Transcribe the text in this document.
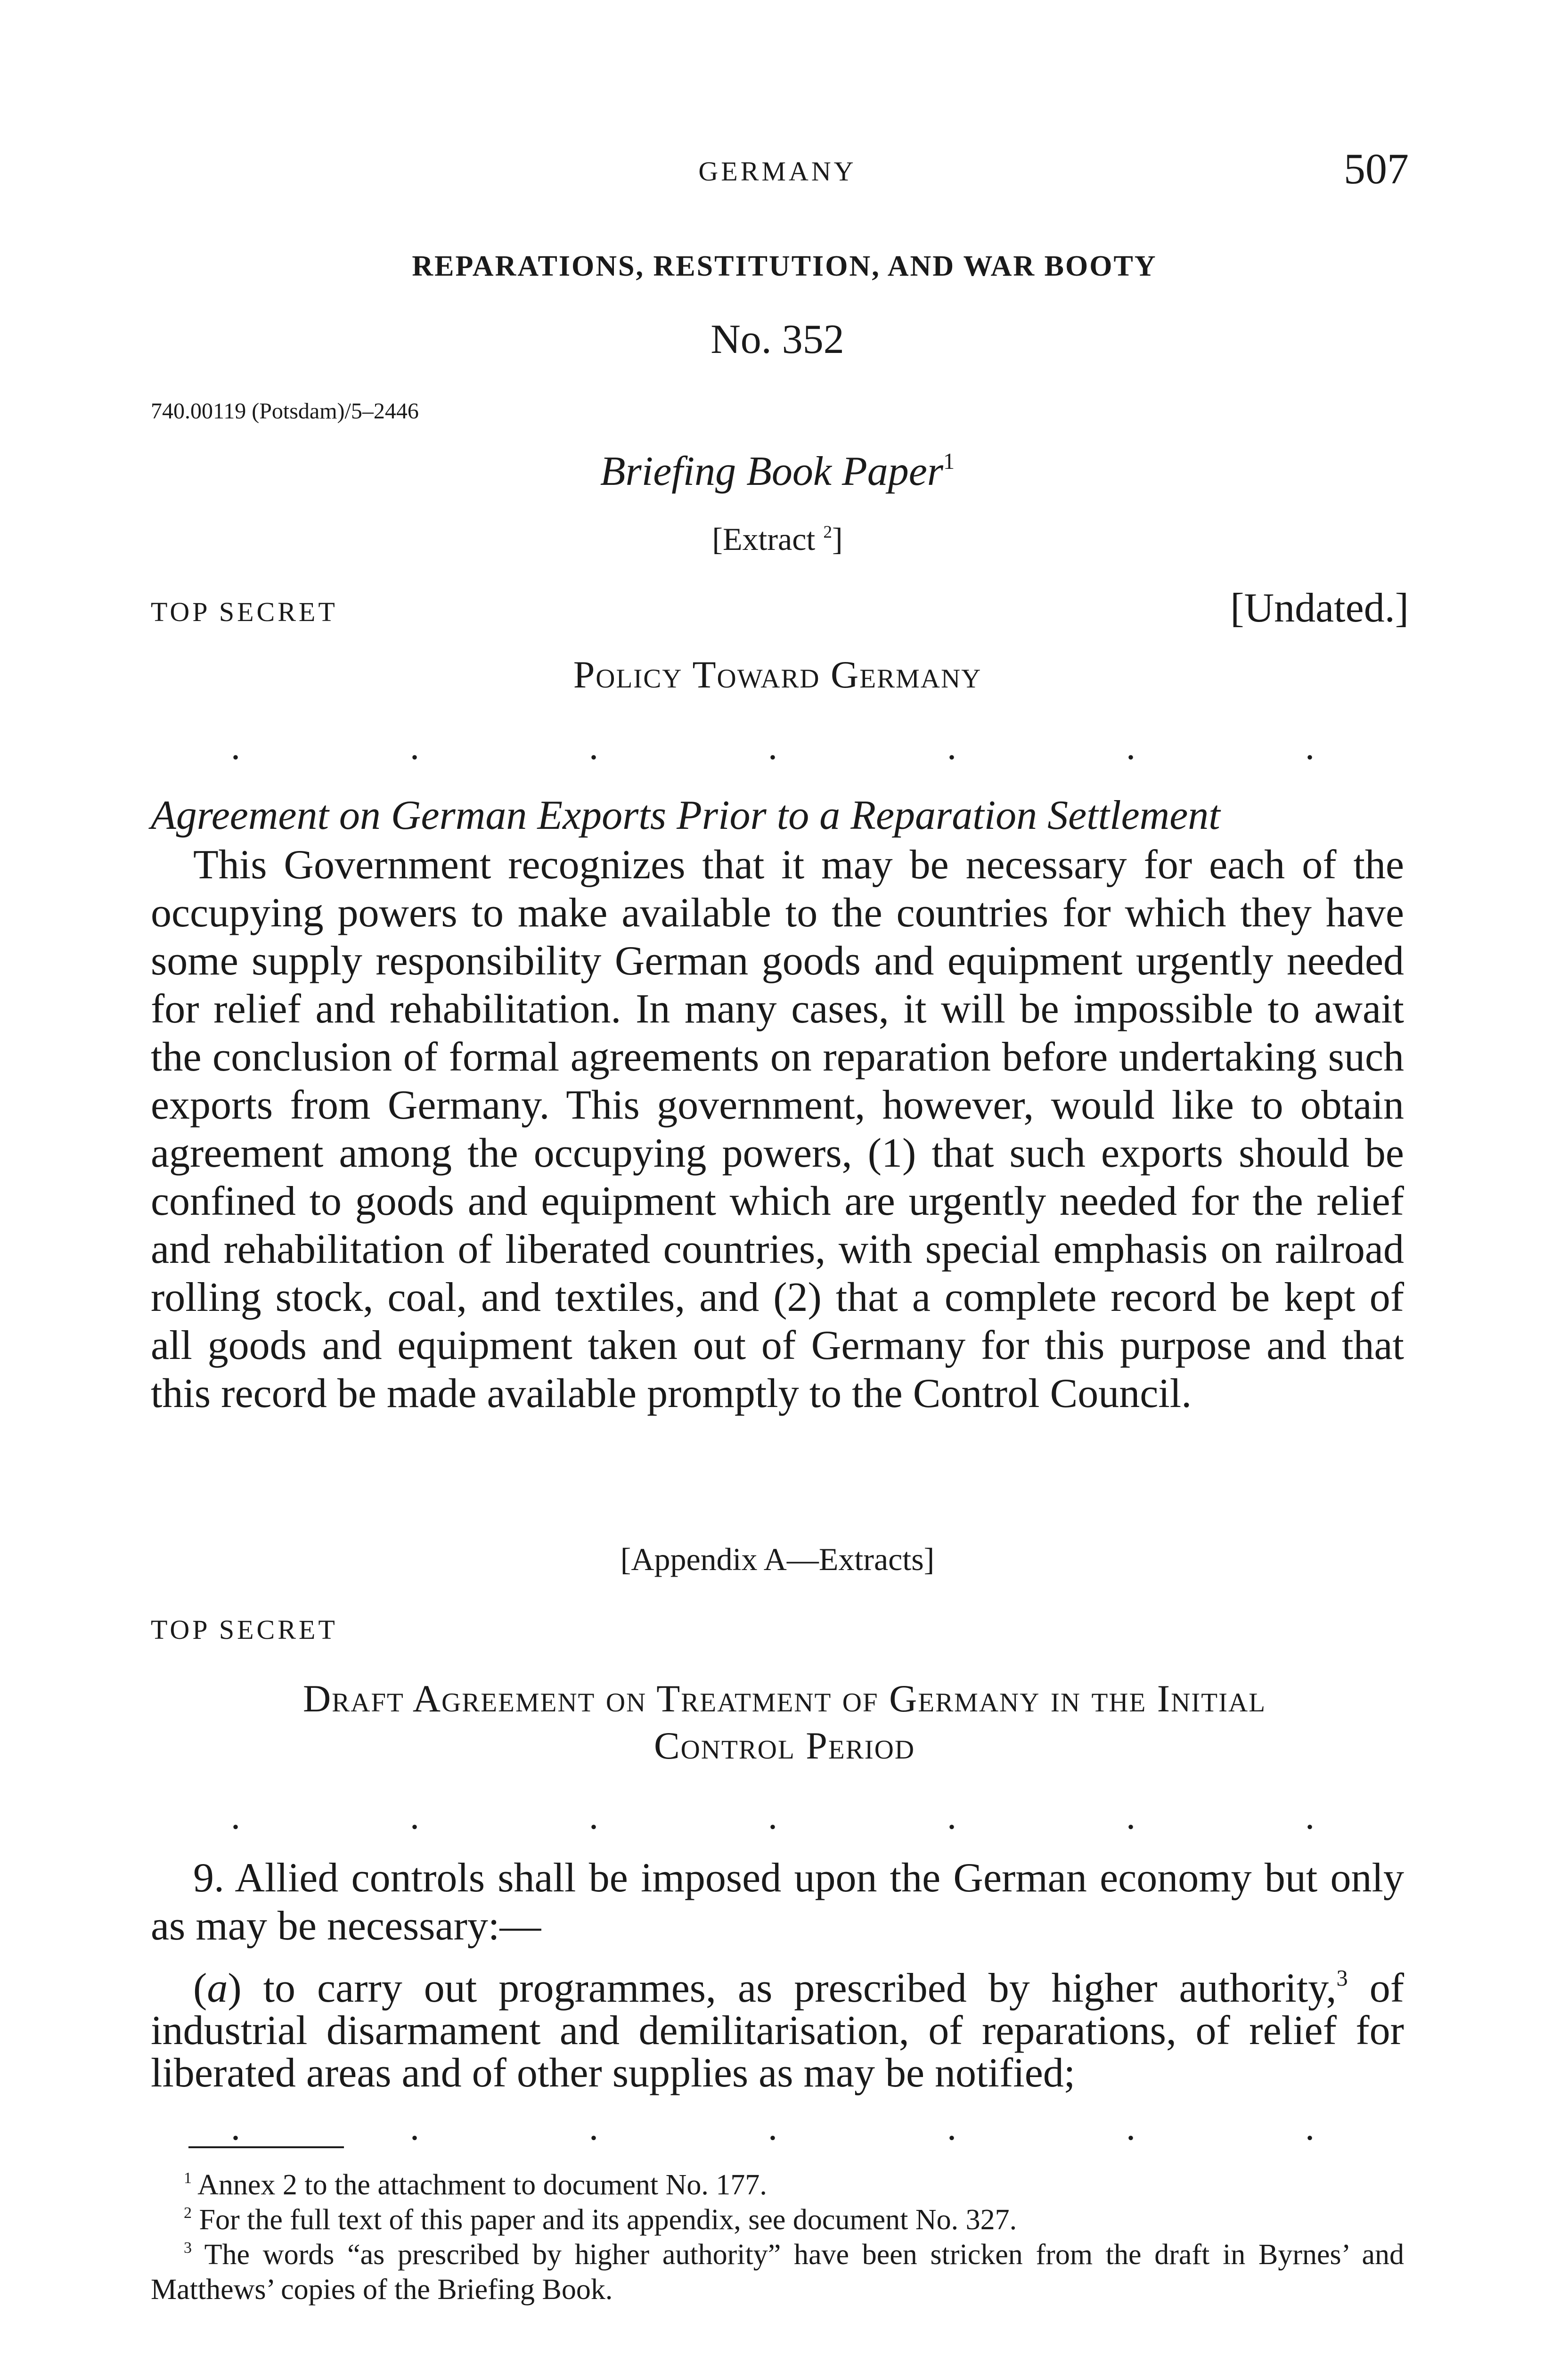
GERMANY	507
REPARATIONS, RESTITUTION, AND WAR BOOTY
No. 352
740.00119 (Potsdam)/5–2446
Briefing Book Paper$^1$
[Extract $^2$]
TOP SECRET	[Undated.]
Policy Toward Germany
.	.	.	.	.	.	.
Agreement on German Exports Prior to a Reparation Settlement
This Government recognizes that it may be necessary for each of the occupying powers to make available to the countries for which they have some supply responsibility German goods and equipment urgently needed for relief and rehabilitation. In many cases, it will be impossible to await the conclusion of formal agreements on reparation before undertaking such exports from Germany. This government, however, would like to obtain agreement among the occupying powers, (1) that such exports should be confined to goods and equipment which are urgently needed for the relief and rehabilitation of liberated countries, with special emphasis on railroad rolling stock, coal, and textiles, and (2) that a complete record be kept of all goods and equipment taken out of Germany for this purpose and that this record be made available promptly to the Control Council.
[Appendix A—Extracts]
TOP SECRET
Draft Agreement on Treatment of Germany in the Initial
Control Period
.	.	.	.	.	.	.
9. Allied controls shall be imposed upon the German economy but only as may be necessary:—
(a) to carry out programmes, as prescribed by higher authority,$^3$ of industrial disarmament and demilitarisation, of reparations, of relief for liberated areas and of other supplies as may be notified;
.	.	.	.	.	.	.
$^1$ Annex 2 to the attachment to document No. 177.
$^2$ For the full text of this paper and its appendix, see document No. 327.
$^3$ The words “as prescribed by higher authority” have been stricken from the draft in Byrnes’ and Matthews’ copies of the Briefing Book.
